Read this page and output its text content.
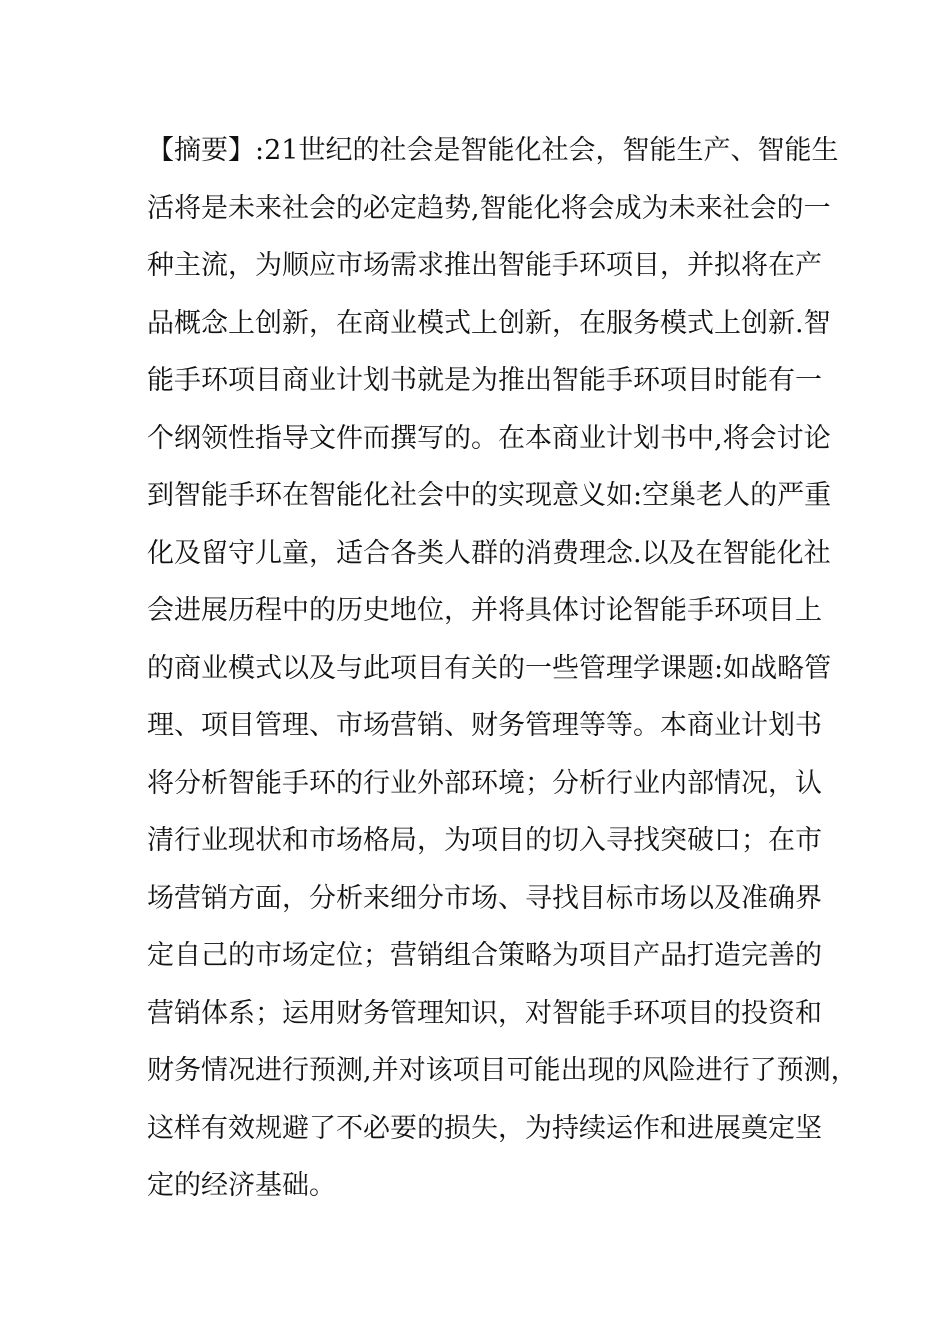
【摘要】:21世纪的社会是智能化社会，智能生产、智能生
活将是未来社会的必定趋势,智能化将会成为未来社会的一
种主流，为顺应市场需求推出智能手环项目，并拟将在产
品概念上创新，在商业模式上创新，在服务模式上创新.智
能手环项目商业计划书就是为推出智能手环项目时能有一
个纲领性指导文件而撰写的。在本商业计划书中,将会讨论
到智能手环在智能化社会中的实现意义如:空巢老人的严重
化及留守儿童，适合各类人群的消费理念.以及在智能化社
会进展历程中的历史地位，并将具体讨论智能手环项目上
的商业模式以及与此项目有关的一些管理学课题:如战略管
理、项目管理、市场营销、财务管理等等。本商业计划书
将分析智能手环的行业外部环境；分析行业内部情况，认
清行业现状和市场格局，为项目的切入寻找突破口；在市
场营销方面，分析来细分市场、寻找目标市场以及准确界
定自己的市场定位；营销组合策略为项目产品打造完善的
营销体系；运用财务管理知识，对智能手环项目的投资和
财务情况进行预测,并对该项目可能出现的风险进行了预测，
这样有效规避了不必要的损失，为持续运作和进展奠定坚
定的经济基础。
